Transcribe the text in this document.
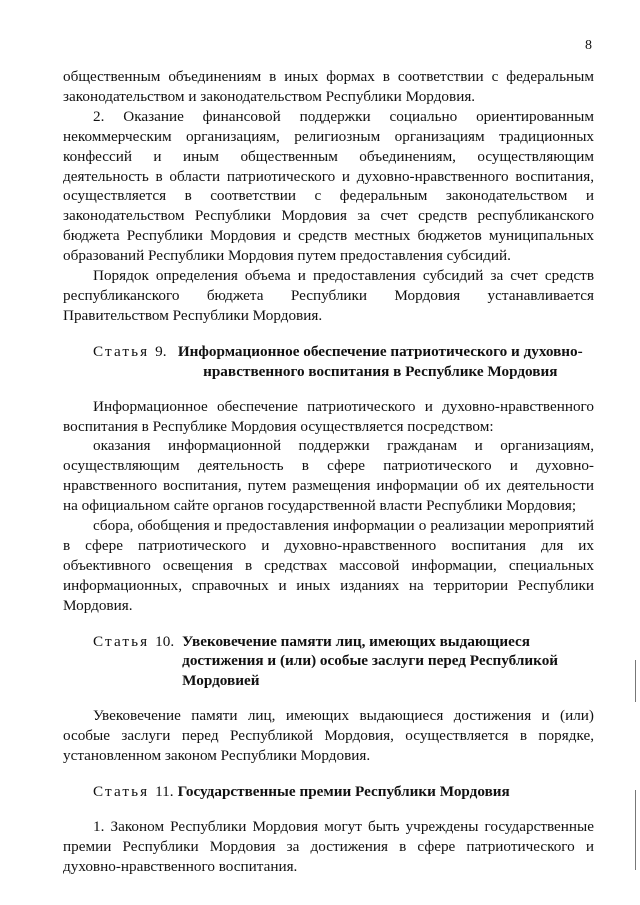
8

общественным объединениям в иных формах в соответствии с федеральным законодательством и законодательством Республики Мордовия.

2. Оказание финансовой поддержки социально ориентированным некоммерческим организациям, религиозным организациям традиционных конфессий и иным общественным объединениям, осуществляющим деятельность в области патриотического и духовно-нравственного воспитания, осуществляется в соответствии с федеральным законодательством и законодательством Республики Мордовия за счет средств республиканского бюджета Республики Мордовия и средств местных бюджетов муниципальных образований Республики Мордовия путем предоставления субсидий.

Порядок определения объема и предоставления субсидий за счет средств республиканского бюджета Республики Мордовия устанавливается Правительством Республики Мордовия.

Статья 9. Информационное обеспечение патриотического и духовно-нравственного воспитания в Республике Мордовия

Информационное обеспечение патриотического и духовно-нравственного воспитания в Республике Мордовия осуществляется посредством:

оказания информационной поддержки гражданам и организациям, осуществляющим деятельность в сфере патриотического и духовно-нравственного воспитания, путем размещения информации об их деятельности на официальном сайте органов государственной власти Республики Мордовия;

сбора, обобщения и предоставления информации о реализации мероприятий в сфере патриотического и духовно-нравственного воспитания для их объективного освещения в средствах массовой информации, специальных информационных, справочных и иных изданиях на территории Республики Мордовия.

Статья 10. Увековечение памяти лиц, имеющих выдающиеся достижения и (или) особые заслуги перед Республикой Мордовией

Увековечение памяти лиц, имеющих выдающиеся достижения и (или) особые заслуги перед Республикой Мордовия, осуществляется в порядке, установленном законом Республики Мордовия.

Статья 11. Государственные премии Республики Мордовия

1. Законом Республики Мордовия могут быть учреждены государственные премии Республики Мордовия за достижения в сфере патриотического и духовно-нравственного воспитания.
